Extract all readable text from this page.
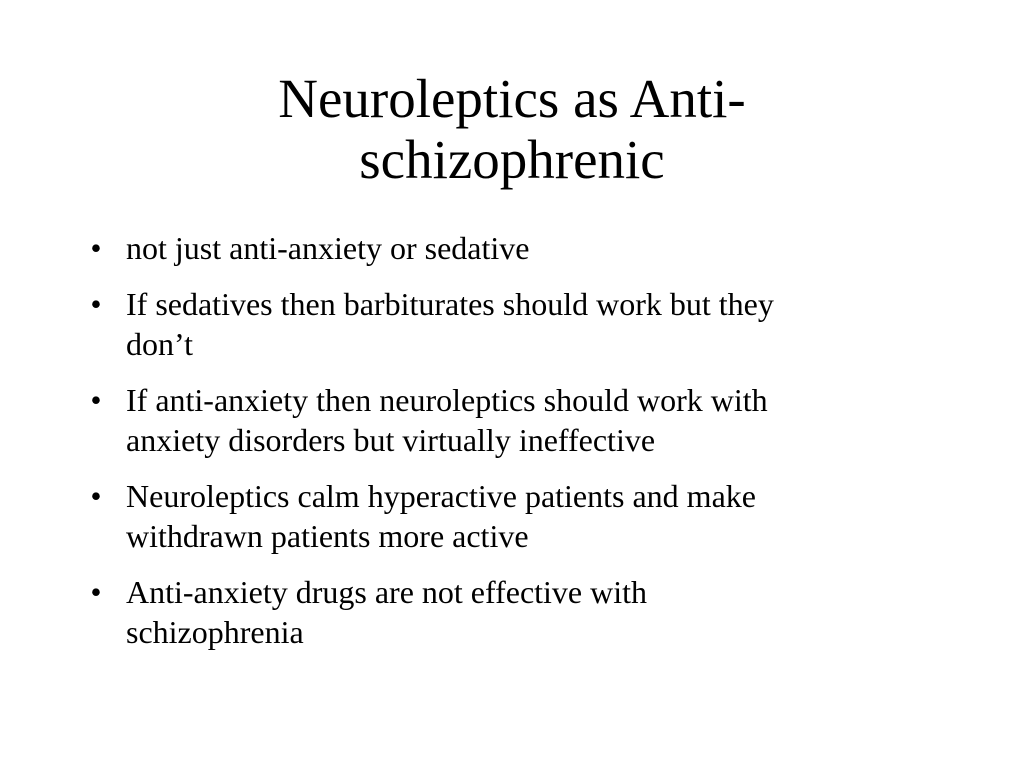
Neuroleptics as Anti-
schizophrenic
• not just anti-anxiety or sedative
• If sedatives then barbiturates should work but they
don’t
• If anti-anxiety then neuroleptics should work with
anxiety disorders but virtually ineffective
• Neuroleptics calm hyperactive patients and make
withdrawn patients more active
• Anti-anxiety drugs are not effective with
schizophrenia
